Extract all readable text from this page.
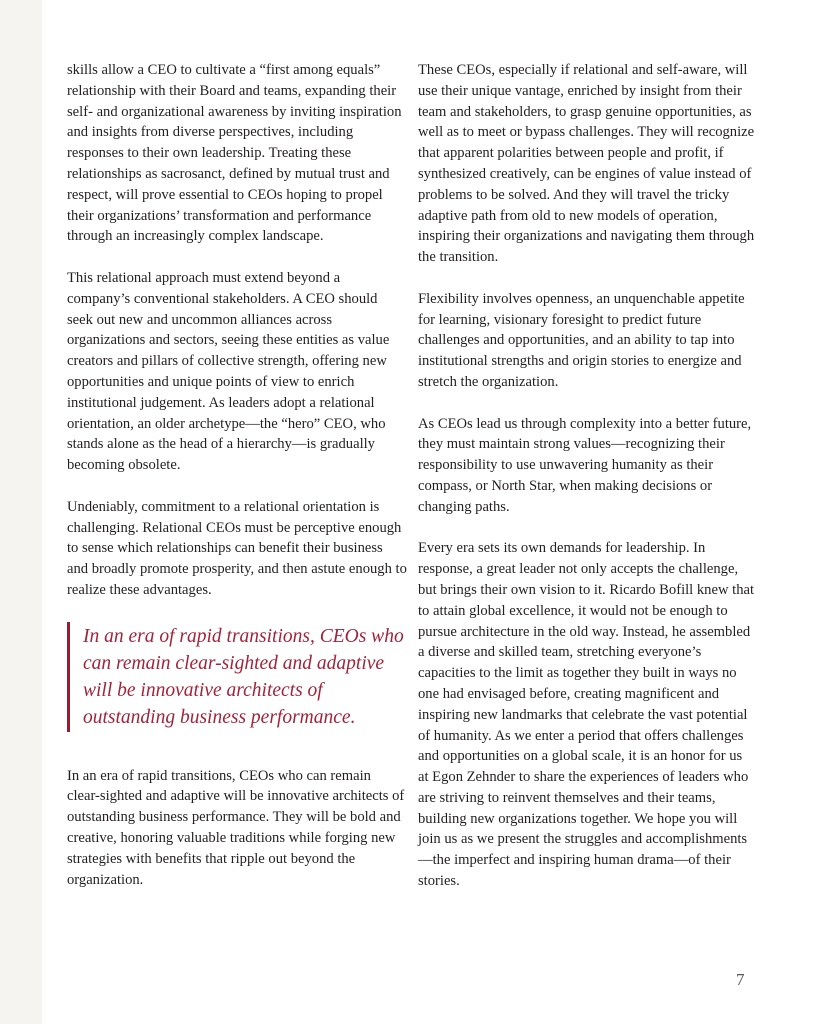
skills allow a CEO to cultivate a “first among equals” relationship with their Board and teams, expanding their self- and organizational awareness by inviting inspiration and insights from diverse perspectives, including responses to their own leadership. Treating these relationships as sacrosanct, defined by mutual trust and respect, will prove essential to CEOs hoping to propel their organizations’ transformation and performance through an increasingly complex landscape.

This relational approach must extend beyond a company’s conventional stakeholders. A CEO should seek out new and uncommon alliances across organizations and sectors, seeing these entities as value creators and pillars of collective strength, offering new opportunities and unique points of view to enrich institutional judgement. As leaders adopt a relational orientation, an older archetype—the “hero” CEO, who stands alone as the head of a hierarchy—is gradually becoming obsolete.

Undeniably, commitment to a relational orientation is challenging. Relational CEOs must be perceptive enough to sense which relationships can benefit their business and broadly promote prosperity, and then astute enough to realize these advantages.

In an era of rapid transitions, CEOs who can remain clear-sighted and adaptive will be innovative architects of outstanding business performance.

In an era of rapid transitions, CEOs who can remain clear-sighted and adaptive will be innovative architects of outstanding business performance. They will be bold and creative, honoring valuable traditions while forging new strategies with benefits that ripple out beyond the organization.

These CEOs, especially if relational and self-aware, will use their unique vantage, enriched by insight from their team and stakeholders, to grasp genuine opportunities, as well as to meet or bypass challenges. They will recognize that apparent polarities between people and profit, if synthesized creatively, can be engines of value instead of problems to be solved. And they will travel the tricky adaptive path from old to new models of operation, inspiring their organizations and navigating them through the transition.

Flexibility involves openness, an unquenchable appetite for learning, visionary foresight to predict future challenges and opportunities, and an ability to tap into institutional strengths and origin stories to energize and stretch the organization.

As CEOs lead us through complexity into a better future, they must maintain strong values—recognizing their responsibility to use unwavering humanity as their compass, or North Star, when making decisions or changing paths.

Every era sets its own demands for leadership. In response, a great leader not only accepts the challenge, but brings their own vision to it. Ricardo Bofill knew that to attain global excellence, it would not be enough to pursue architecture in the old way. Instead, he assembled a diverse and skilled team, stretching everyone’s capacities to the limit as together they built in ways no one had envisaged before, creating magnificent and inspiring new landmarks that celebrate the vast potential of humanity. As we enter a period that offers challenges and opportunities on a global scale, it is an honor for us at Egon Zehnder to share the experiences of leaders who are striving to reinvent themselves and their teams, building new organizations together. We hope you will join us as we present the struggles and accomplishments—the imperfect and inspiring human drama—of their stories.

7
